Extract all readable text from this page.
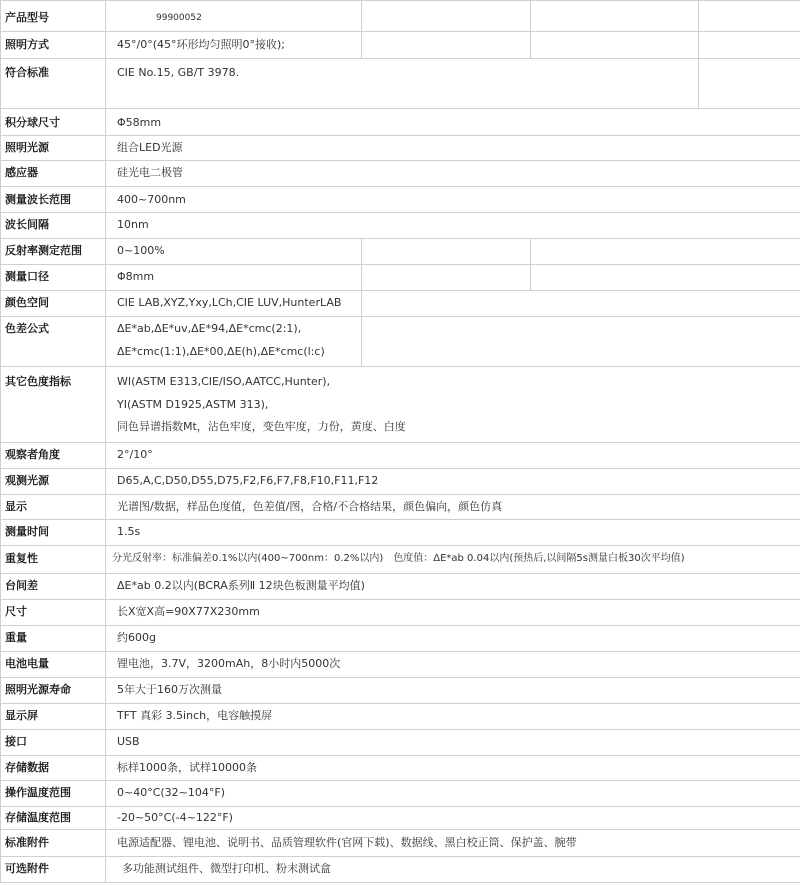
产品型号	99900052
照明方式	45°/0°(45°环形均匀照明0°接收);
符合标准	CIE No.15, GB/T 3978.
积分球尺寸	Φ58mm
照明光源	组合LED光源
感应器	硅光电二极管
测量波长范围	400~700nm
波长间隔	10nm
反射率测定范围	0~100%
测量口径	Φ8mm
颜色空间	CIE LAB,XYZ,Yxy,LCh,CIE LUV,HunterLAB
色差公式	ΔE*ab,ΔE*uv,ΔE*94,ΔE*cmc(2:1),
ΔE*cmc(1:1),ΔE*00,ΔE(h),ΔE*cmc(l:c)
其它色度指标	WI(ASTM E313,CIE/ISO,AATCC,Hunter),
YI(ASTM D1925,ASTM 313),
同色异谱指数Mt，沾色牢度，变色牢度，力份，黄度、白度
观察者角度	2°/10°
观测光源	D65,A,C,D50,D55,D75,F2,F6,F7,F8,F10,F11,F12
显示	光谱图/数据，样品色度值，色差值/图，合格/不合格结果，颜色偏向，颜色仿真
测量时间	1.5s
重复性	分光反射率：标准偏差0.1%以内(400~700nm：0.2%以内)　色度值：ΔE*ab 0.04以内(预热后,以间隔5s测量白板30次平均值)
台间差	ΔE*ab 0.2以内(BCRA系列Ⅱ 12块色板测量平均值)
尺寸	长X宽X高=90X77X230mm
重量	约600g
电池电量	锂电池，3.7V，3200mAh，8小时内5000次
照明光源寿命	5年大于160万次测量
显示屏	TFT 真彩 3.5inch，电容触摸屏
接口	USB
存储数据	标样1000条，试样10000条
操作温度范围	0~40°C(32~104°F)
存储温度范围	-20~50°C(-4~122°F)
标准附件	电源适配器、锂电池、说明书、品质管理软件(官网下载)、数据线、黑白校正筒、保护盖、腕带
可选附件	多功能测试组件、微型打印机、粉末测试盒
